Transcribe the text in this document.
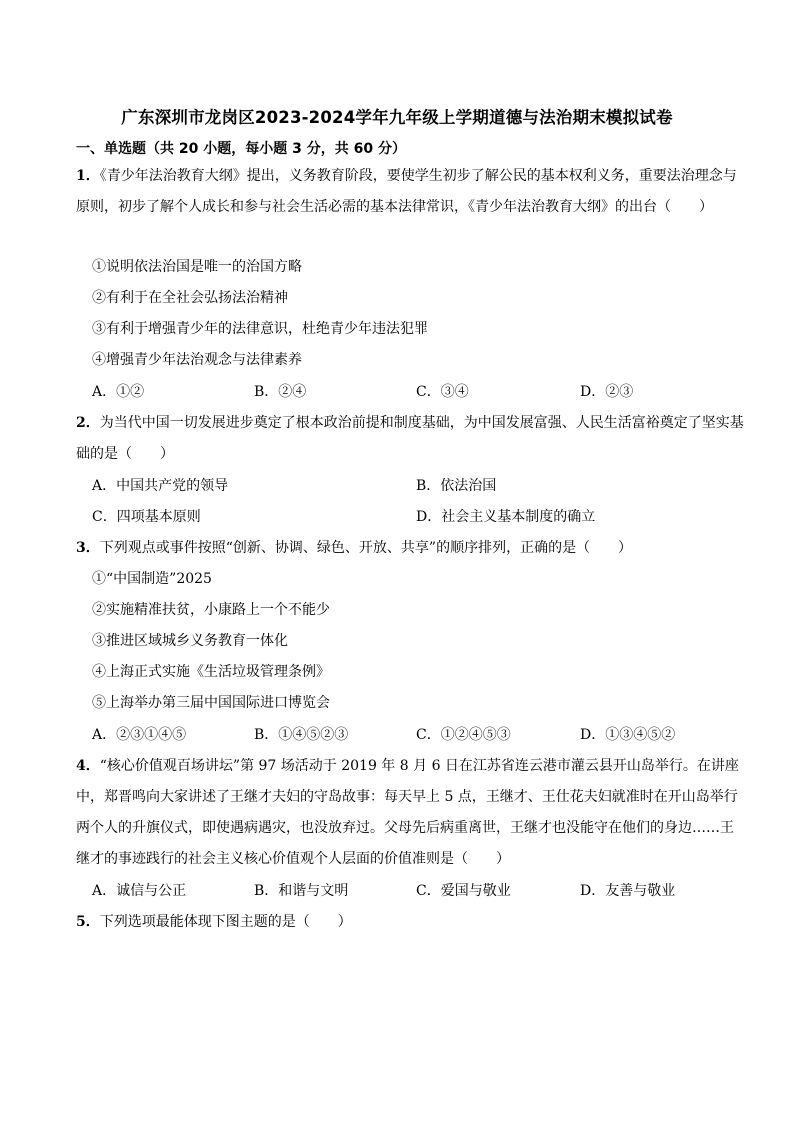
广东深圳市龙岗区2023-2024学年九年级上学期道德与法治期末模拟试卷
一、单选题（共 20 小题，每小题 3 分，共 60 分）
1．《青少年法治教育大纲》提出，义务教育阶段，要使学生初步了解公民的基本权利义务，重要法治理念与原则，初步了解个人成长和参与社会生活必需的基本法律常识，《青少年法治教育大纲》的出台（　　）
①说明依法治国是唯一的治国方略
②有利于在全社会弘扬法治精神
③有利于增强青少年的法律意识，杜绝青少年违法犯罪
④增强青少年法治观念与法律素养
A．①②	B．②④	C．③④	D．②③
2．为当代中国一切发展进步奠定了根本政治前提和制度基础，为中国发展富强、人民生活富裕奠定了坚实基础的是（　　）
A．中国共产党的领导	B．依法治国
C．四项基本原则	D．社会主义基本制度的确立
3．下列观点或事件按照“创新、协调、绿色、开放、共享”的顺序排列，正确的是（　　）
①“中国制造”2025
②实施精准扶贫，小康路上一个不能少
③推进区域城乡义务教育一体化
④上海正式实施《生活垃圾管理条例》
⑤上海举办第三届中国国际进口博览会
A．②③①④⑤	B．①④⑤②③	C．①②④⑤③	D．①③④⑤②
4．“核心价值观百场讲坛”第 97 场活动于 2019 年 8 月 6 日在江苏省连云港市灌云县开山岛举行。在讲座中，郑晋鸣向大家讲述了王继才夫妇的守岛故事：每天早上 5 点，王继才、王仕花夫妇就准时在开山岛举行两个人的升旗仪式，即使遇病遇灾，也没放弃过。父母先后病重离世，王继才也没能守在他们的身边……王继才的事迹践行的社会主义核心价值观个人层面的价值准则是（　　）
A．诚信与公正	B．和谐与文明	C．爱国与敬业	D．友善与敬业
5．下列选项最能体现下图主题的是（　　）
